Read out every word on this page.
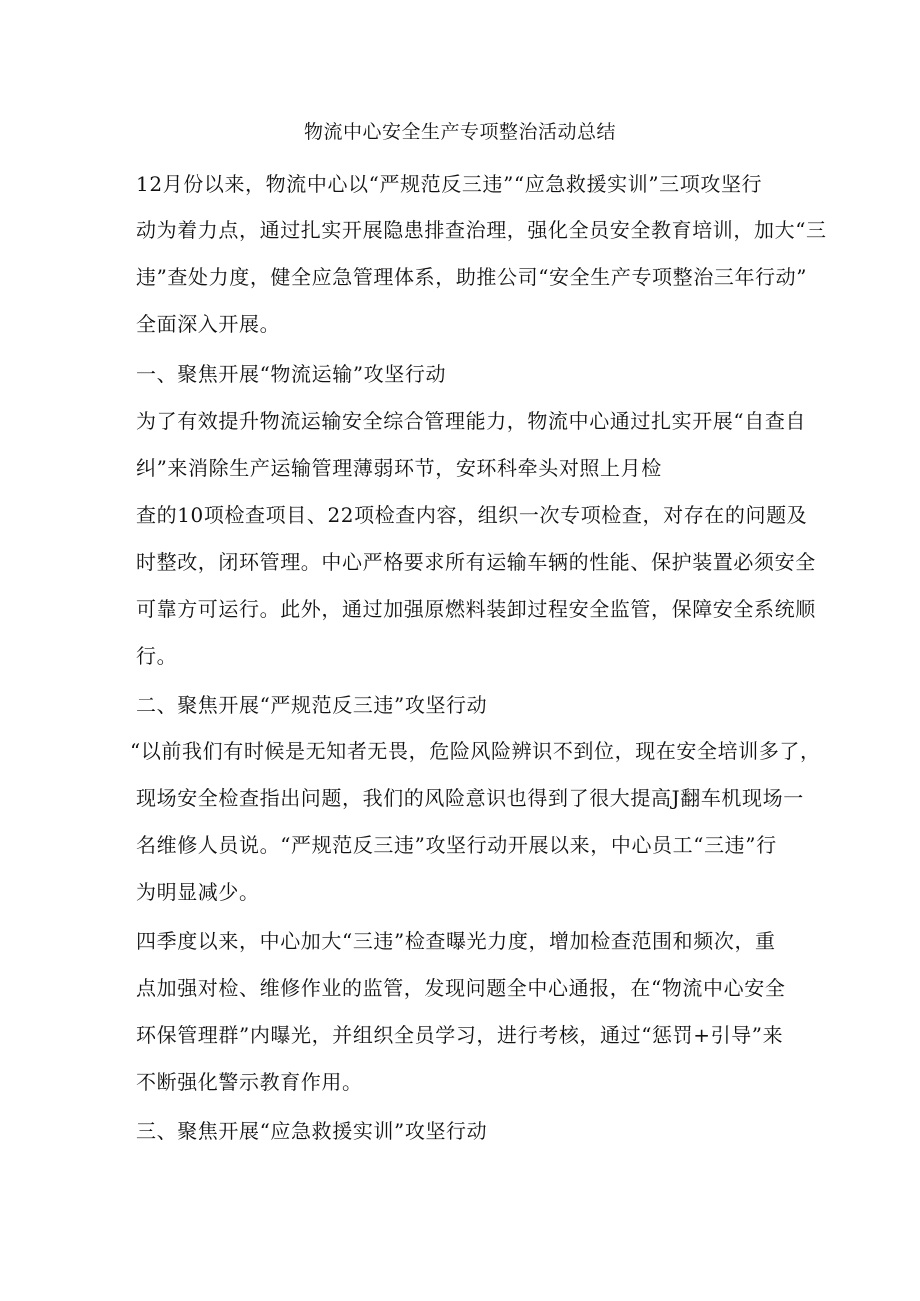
物流中心安全生产专项整治活动总结
12月份以来，物流中心以“严规范反三违”“应急救援实训”三项攻坚行
动为着力点，通过扎实开展隐患排查治理，强化全员安全教育培训，加大“三
违”查处力度，健全应急管理体系，助推公司“安全生产专项整治三年行动”
全面深入开展。
一、聚焦开展“物流运输”攻坚行动
为了有效提升物流运输安全综合管理能力，物流中心通过扎实开展“自查自
纠”来消除生产运输管理薄弱环节，安环科牵头对照上月检
查的10项检查项目、22项检查内容，组织一次专项检查，对存在的问题及
时整改，闭环管理。中心严格要求所有运输车辆的性能、保护装置必须安全
可靠方可运行。此外，通过加强原燃料装卸过程安全监管，保障安全系统顺
行。
二、聚焦开展“严规范反三违”攻坚行动
“以前我们有时候是无知者无畏，危险风险辨识不到位，现在安全培训多了，
现场安全检查指出问题，我们的风险意识也得到了很大提高J翻车机现场一
名维修人员说。“严规范反三违”攻坚行动开展以来，中心员工“三违”行
为明显减少。
四季度以来，中心加大“三违”检查曝光力度，增加检查范围和频次，重
点加强对检、维修作业的监管，发现问题全中心通报，在“物流中心安全
环保管理群”内曝光，并组织全员学习，进行考核，通过“惩罚+引导”来
不断强化警示教育作用。
三、聚焦开展“应急救援实训”攻坚行动
